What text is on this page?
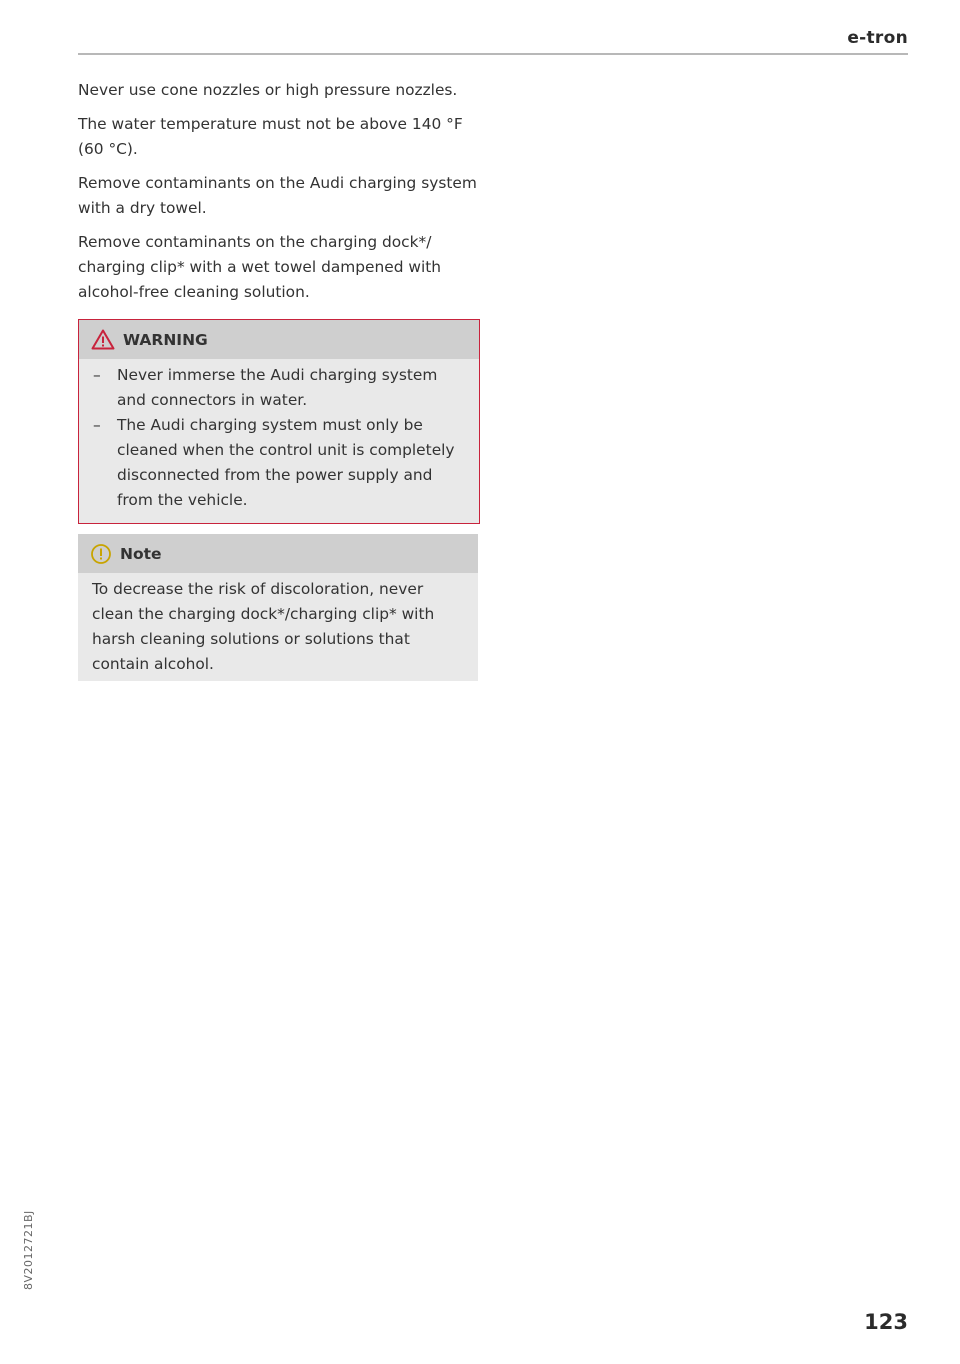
e-tron

Never use cone nozzles or high pressure nozzles.

The water temperature must not be above 140 °F (60 °C).

Remove contaminants on the Audi charging system with a dry towel.

Remove contaminants on the charging dock*/ charging clip* with a wet towel dampened with alcohol-free cleaning solution.

WARNING
– Never immerse the Audi charging system and connectors in water.
– The Audi charging system must only be cleaned when the control unit is completely disconnected from the power supply and from the vehicle.
Note
To decrease the risk of discoloration, never clean the charging dock*/charging clip* with harsh cleaning solutions or solutions that contain alcohol.
8V2012721BJ
123
